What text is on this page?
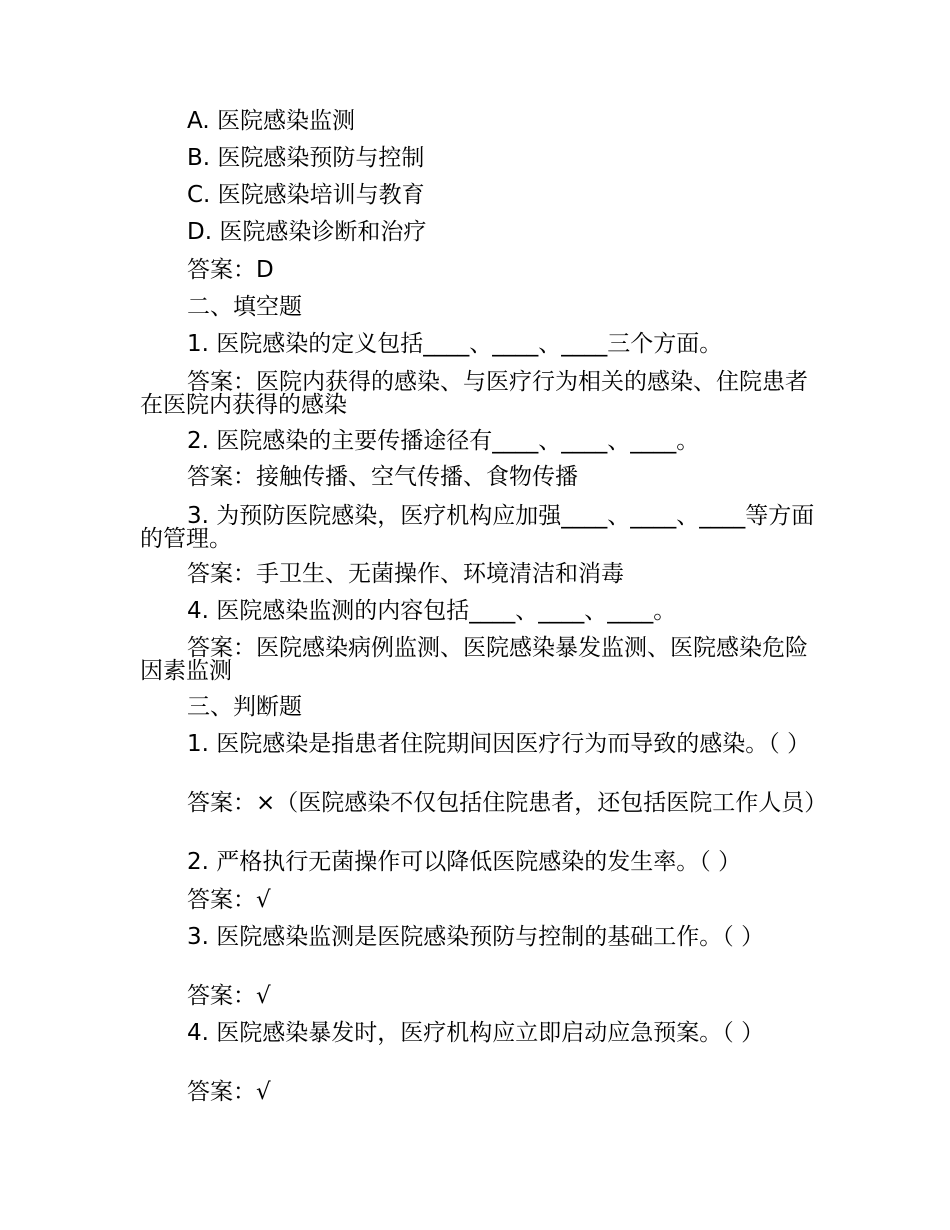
A. 医院感染监测
B. 医院感染预防与控制
C. 医院感染培训与教育
D. 医院感染诊断和治疗
答案：D
二、填空题
1. 医院感染的定义包括____、____、____三个方面。
答案：医院内获得的感染、与医疗行为相关的感染、住院患者在医院内获得的感染
2. 医院感染的主要传播途径有____、____、____。
答案：接触传播、空气传播、食物传播
3. 为预防医院感染，医疗机构应加强____、____、____等方面的管理。
答案：手卫生、无菌操作、环境清洁和消毒
4. 医院感染监测的内容包括____、____、____。
答案：医院感染病例监测、医院感染暴发监测、医院感染危险因素监测
三、判断题
1. 医院感染是指患者住院期间因医疗行为而导致的感染。（ ）
答案：×（医院感染不仅包括住院患者，还包括医院工作人员）
2. 严格执行无菌操作可以降低医院感染的发生率。（ ）
答案：√
3. 医院感染监测是医院感染预防与控制的基础工作。（ ）
答案：√
4. 医院感染暴发时，医疗机构应立即启动应急预案。（ ）
答案：√
